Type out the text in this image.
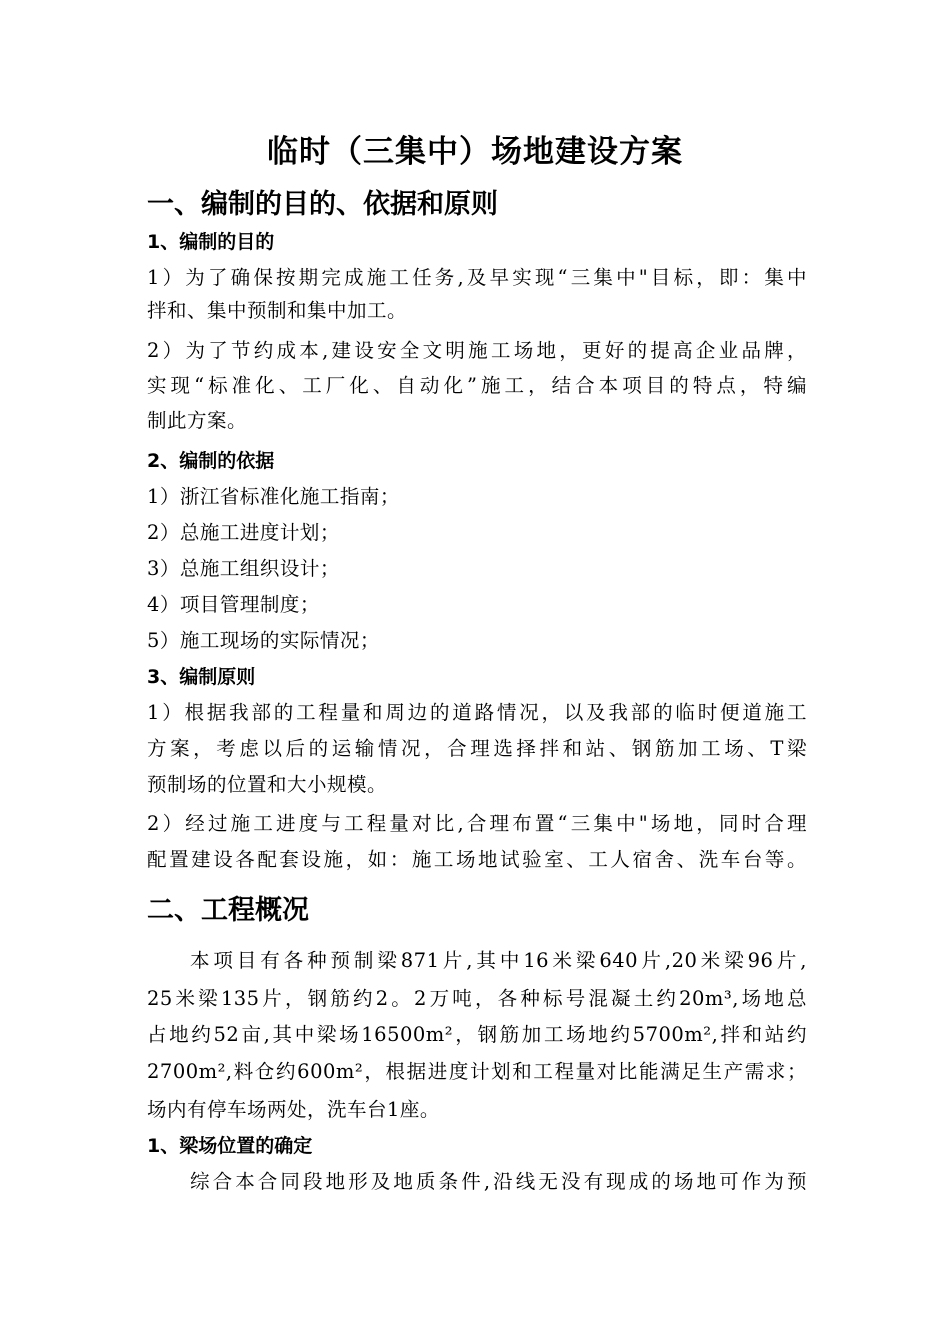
临时（三集中）场地建设方案
一、编制的目的、依据和原则
1、编制的目的
1）为了确保按期完成施工任务,及早实现“三集中"目标，即：集中
拌和、集中预制和集中加工。
2）为了节约成本,建设安全文明施工场地，更好的提高企业品牌，
实现“标准化、工厂化、自动化”施工，结合本项目的特点，特编
制此方案。
2、编制的依据
1）浙江省标准化施工指南；
2）总施工进度计划；
3）总施工组织设计；
4）项目管理制度；
5）施工现场的实际情况；
3、编制原则
1）根据我部的工程量和周边的道路情况，以及我部的临时便道施工
方案，考虑以后的运输情况，合理选择拌和站、钢筋加工场、T梁
预制场的位置和大小规模。
2）经过施工进度与工程量对比,合理布置“三集中"场地，同时合理
配置建设各配套设施，如：施工场地试验室、工人宿舍、洗车台等。
二、工程概况
本项目有各种预制梁871片,其中16米梁640片,20米梁96片,
25米梁135片，钢筋约2。2万吨，各种标号混凝土约20m³,场地总
占地约52亩,其中梁场16500m²，钢筋加工场地约5700m²,拌和站约
2700m²,料仓约600m²，根据进度计划和工程量对比能满足生产需求；
场内有停车场两处，洗车台1座。
1、梁场位置的确定
综合本合同段地形及地质条件,沿线无没有现成的场地可作为预
